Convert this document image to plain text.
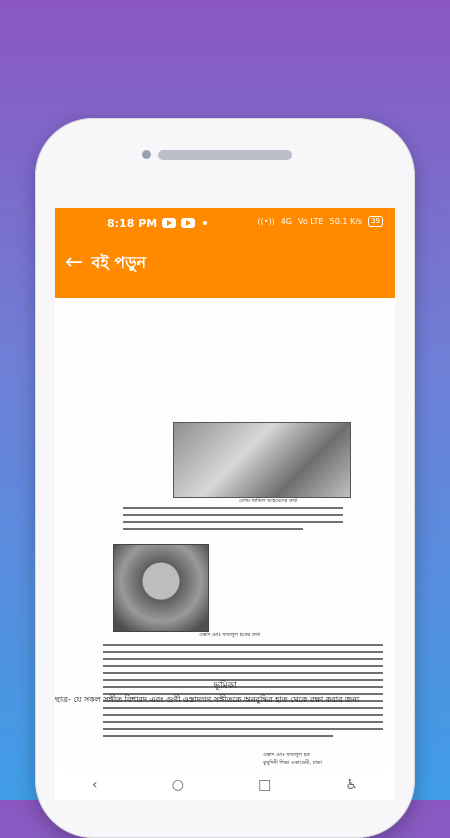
8:18 PM	((•)) 4G Vo LTE 50.1 K/s	39
← বই পড়ুন
বেগম জামিল আহমেদের কথা
ওস্তাদ মোঃ ফজলুল হকের কথা
ওস্তাদ মোঃ ফজলুল হক
কুমুদিনী শিক্ষা একাডেমী, ঢাকা
ভূমিকা
ছাত্র- যে সকল সঙ্গীত বিশারদ এবং গুণী ওস্তাদগণ সঙ্গীতকে অনবুদ্ধির হাত থেকে রক্ষা করার জন্য
‹	○	□	♿
